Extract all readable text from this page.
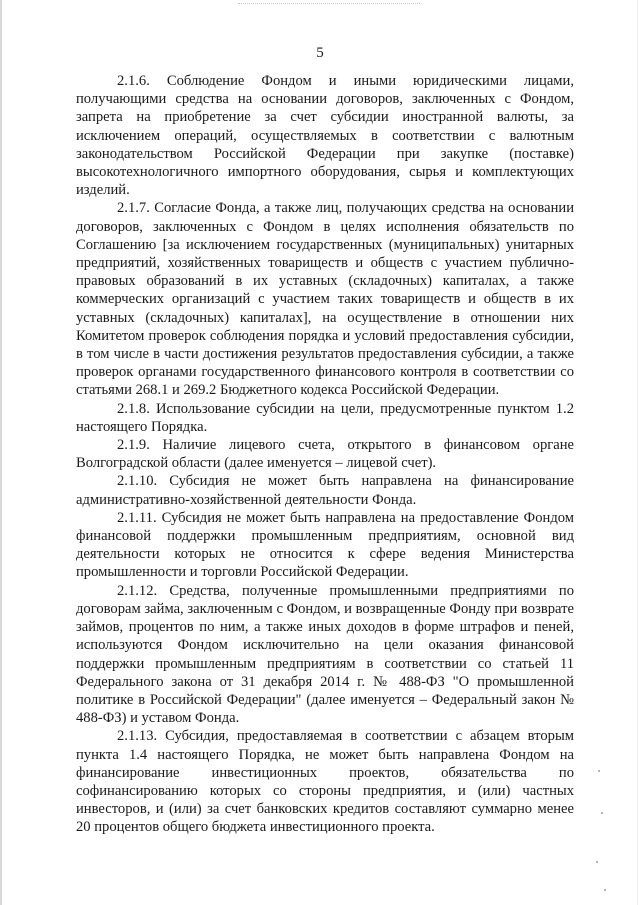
5

2.1.6. Соблюдение Фондом и иными юридическими лицами, получающими средства на основании договоров, заключенных с Фондом, запрета на приобретение за счет субсидии иностранной валюты, за исключением операций, осуществляемых в соответствии с валютным законодательством Российской Федерации при закупке (поставке) высокотехнологичного импортного оборудования, сырья и комплектующих изделий.

2.1.7. Согласие Фонда, а также лиц, получающих средства на основании договоров, заключенных с Фондом в целях исполнения обязательств по Соглашению [за исключением государственных (муниципальных) унитарных предприятий, хозяйственных товариществ и обществ с участием публично-правовых образований в их уставных (складочных) капиталах, а также коммерческих организаций с участием таких товариществ и обществ в их уставных (складочных) капиталах], на осуществление в отношении них Комитетом проверок соблюдения порядка и условий предоставления субсидии, в том числе в части достижения результатов предоставления субсидии, а также проверок органами государственного финансового контроля в соответствии со статьями 268.1 и 269.2 Бюджетного кодекса Российской Федерации.

2.1.8. Использование субсидии на цели, предусмотренные пунктом 1.2 настоящего Порядка.

2.1.9. Наличие лицевого счета, открытого в финансовом органе Волгоградской области (далее именуется – лицевой счет).

2.1.10. Субсидия не может быть направлена на финансирование административно-хозяйственной деятельности Фонда.

2.1.11. Субсидия не может быть направлена на предоставление Фондом финансовой поддержки промышленным предприятиям, основной вид деятельности которых не относится к сфере ведения Министерства промышленности и торговли Российской Федерации.

2.1.12. Средства, полученные промышленными предприятиями по договорам займа, заключенным с Фондом, и возвращенные Фонду при возврате займов, процентов по ним, а также иных доходов в форме штрафов и пеней, используются Фондом исключительно на цели оказания финансовой поддержки промышленным предприятиям в соответствии со статьей 11 Федерального закона от 31 декабря 2014 г. № 488-ФЗ "О промышленной политике в Российской Федерации" (далее именуется – Федеральный закон № 488-ФЗ) и уставом Фонда.

2.1.13. Субсидия, предоставляемая в соответствии с абзацем вторым пункта 1.4 настоящего Порядка, не может быть направлена Фондом на финансирование инвестиционных проектов, обязательства по софинансированию которых со стороны предприятия, и (или) частных инвесторов, и (или) за счет банковских кредитов составляют суммарно менее 20 процентов общего бюджета инвестиционного проекта.
